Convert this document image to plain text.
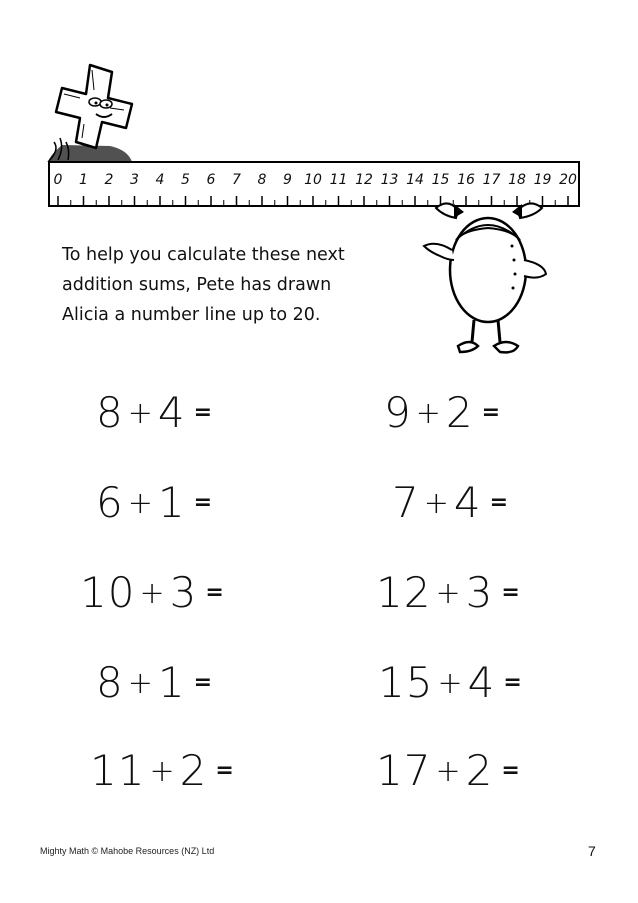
0 1 2 3 4 5 6 7 8 9 10 11 12 13 14 15 16 17 18 19 20
To help you calculate these next
addition sums, Pete has drawn
Alicia a number line up to 20.
8 +4 =
6 +1 =
10 +3 =
8 +1 =
11 +2 =
9 +2 =
7 +4 =
12 +3 =
15 +4 =
17 +2 =
Mighty Math © Mahobe Resources (NZ) Ltd	7
